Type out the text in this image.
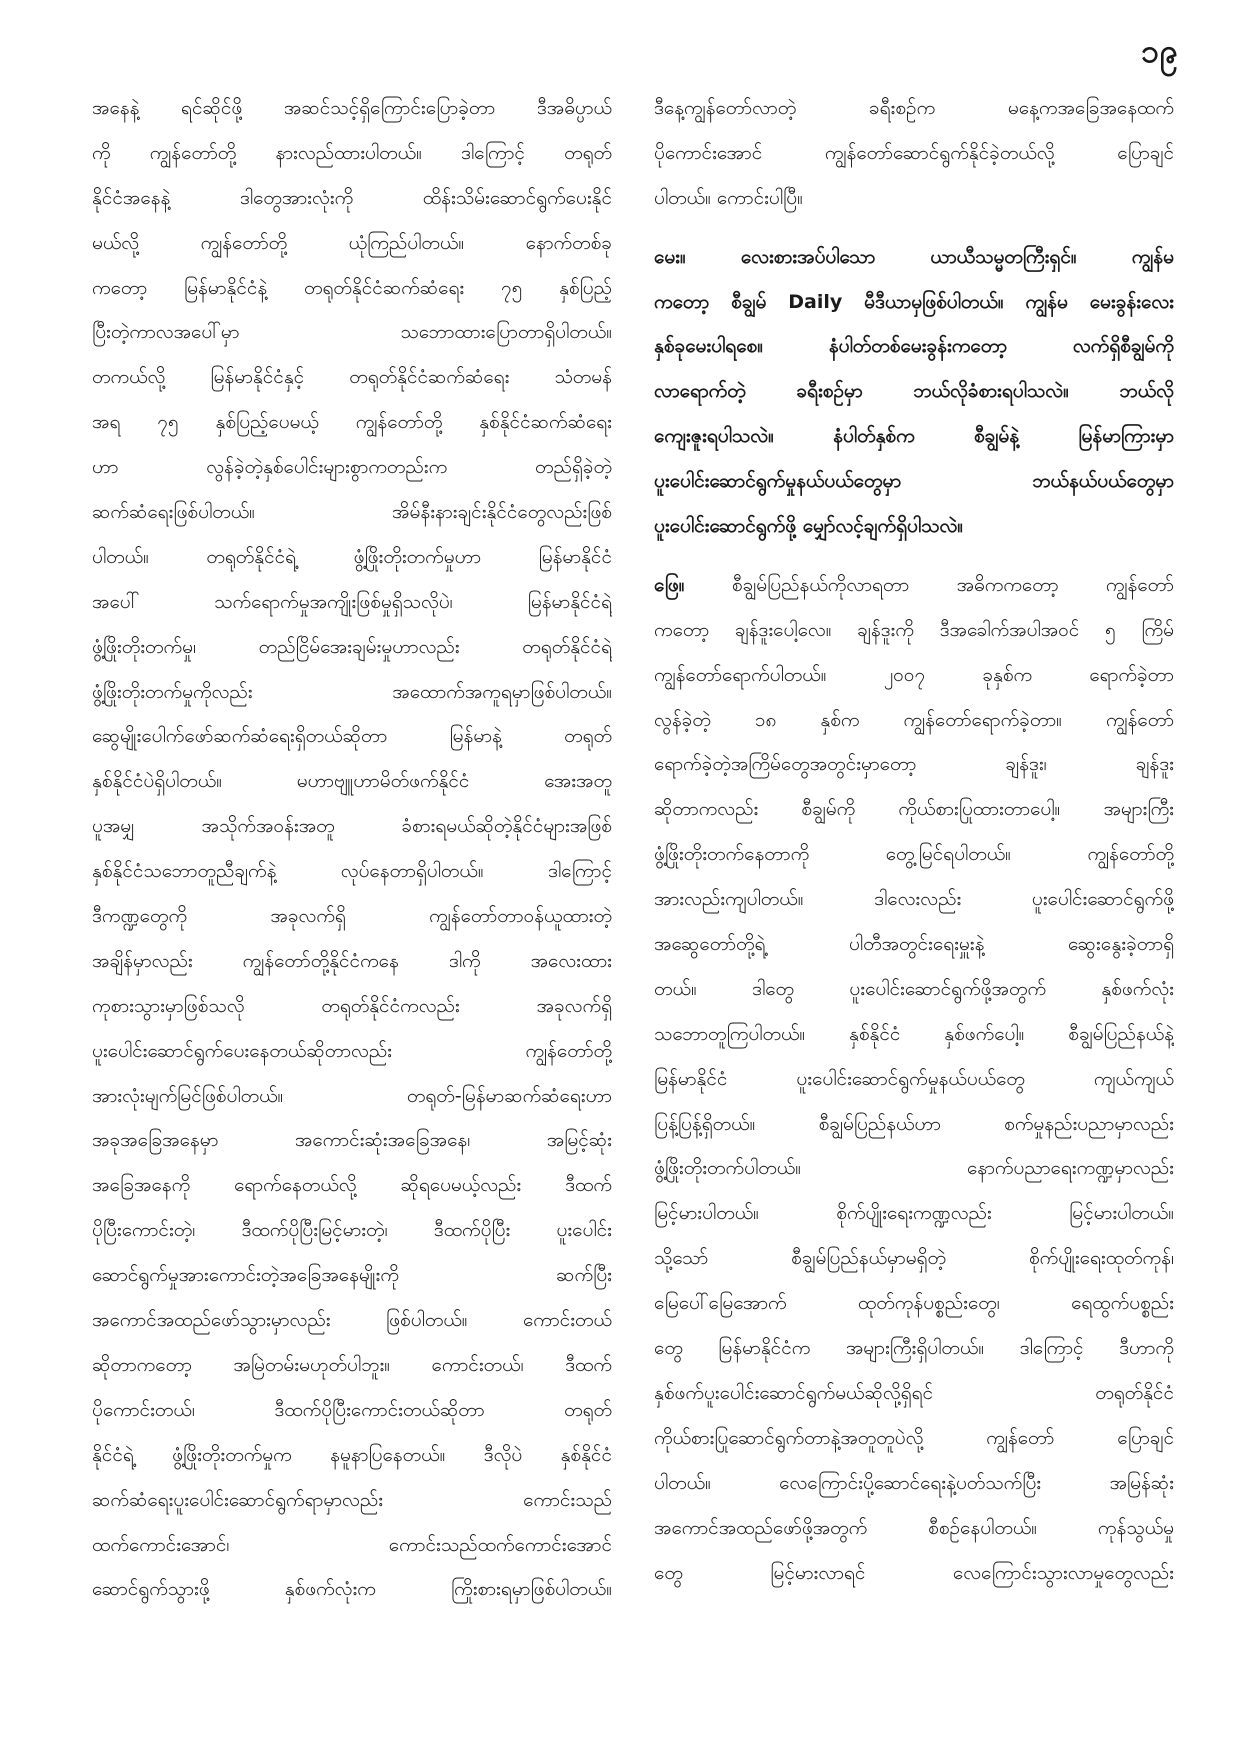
၁၉
အနေနဲ့ ရင်ဆိုင်ဖို့ အဆင်သင့်ရှိကြောင်းပြောခဲ့တာ ဒီအဓိပ္ပာယ်
ကို ကျွန်တော်တို့ နားလည်ထားပါတယ်။ ဒါကြောင့် တရုတ်
နိုင်ငံအနေနဲ့ ဒါတွေအားလုံးကို ထိန်းသိမ်းဆောင်ရွက်ပေးနိုင်
မယ်လို့ ကျွန်တော်တို့ ယုံကြည်ပါတယ်။ နောက်တစ်ခု
ကတော့ မြန်မာနိုင်ငံနဲ့ တရုတ်နိုင်ငံဆက်ဆံရေး ၇၅ နှစ်ပြည့်
ပြီးတဲ့ကာလအပေါ်မှာ သဘောထားပြောတာရှိပါတယ်။
တကယ်လို့ မြန်မာနိုင်ငံနှင့် တရုတ်နိုင်ငံဆက်ဆံရေး သံတမန်
အရ ၇၅ နှစ်ပြည့်ပေမယ့် ကျွန်တော်တို့ နှစ်နိုင်ငံဆက်ဆံရေး
ဟာ လွန်ခဲ့တဲ့နှစ်ပေါင်းများစွာကတည်းက တည်ရှိခဲ့တဲ့
ဆက်ဆံရေးဖြစ်ပါတယ်။ အိမ်နီးနားချင်းနိုင်ငံတွေလည်းဖြစ်
ပါတယ်။ တရုတ်နိုင်ငံရဲ့ ဖွံ့ဖြိုးတိုးတက်မှုဟာ မြန်မာနိုင်ငံ
အပေါ် သက်ရောက်မှုအကျိုးဖြစ်မှုရှိသလိုပဲ၊ မြန်မာနိုင်ငံရဲ့
ဖွံ့ဖြိုးတိုးတက်မှု၊ တည်ငြိမ်အေးချမ်းမှုဟာလည်း တရုတ်နိုင်ငံရဲ့
ဖွံ့ဖြိုးတိုးတက်မှုကိုလည်း အထောက်အကူရမှာဖြစ်ပါတယ်။
ဆွေမျိုးပေါက်ဖော်ဆက်ဆံရေးရှိတယ်ဆိုတာ မြန်မာနဲ့ တရုတ်
နှစ်နိုင်ငံပဲရှိပါတယ်။ မဟာဗျူဟာမိတ်ဖက်နိုင်ငံ အေးအတူ
ပူအမျှ အသိုက်အဝန်းအတူ ခံစားရမယ်ဆိုတဲ့နိုင်ငံများအဖြစ်
နှစ်နိုင်ငံသဘောတူညီချက်နဲ့ လုပ်နေတာရှိပါတယ်။ ဒါကြောင့်
ဒီကဏ္ဍတွေကို အခုလက်ရှိ ကျွန်တော်တာဝန်ယူထားတဲ့
အချိန်မှာလည်း ကျွန်တော်တို့နိုင်ငံကနေ ဒါကို အလေးထား
ကုစားသွားမှာဖြစ်သလို တရုတ်နိုင်ငံကလည်း အခုလက်ရှိ
ပူးပေါင်းဆောင်ရွက်ပေးနေတယ်ဆိုတာလည်း ကျွန်တော်တို့
အားလုံးမျက်မြင်ဖြစ်ပါတယ်။ တရုတ်-မြန်မာဆက်ဆံရေးဟာ
အခုအခြေအနေမှာ အကောင်းဆုံးအခြေအနေ၊ အမြင့်ဆုံး
အခြေအနေကို ရောက်နေတယ်လို့ ဆိုရပေမယ့်လည်း ဒီထက်
ပိုပြီးကောင်းတဲ့၊ ဒီထက်ပိုပြီးမြင့်မားတဲ့၊ ဒီထက်ပိုပြီး ပူးပေါင်း
ဆောင်ရွက်မှုအားကောင်းတဲ့အခြေအနေမျိုးကို ဆက်ပြီး
အကောင်အထည်ဖော်သွားမှာလည်း ဖြစ်ပါတယ်။ ကောင်းတယ်
ဆိုတာကတော့ အမြဲတမ်းမဟုတ်ပါဘူး။ ကောင်းတယ်၊ ဒီထက်
ပိုကောင်းတယ်၊ ဒီထက်ပိုပြီးကောင်းတယ်ဆိုတာ တရုတ်
နိုင်ငံရဲ့ ဖွံ့ဖြိုးတိုးတက်မှုက နမူနာပြနေတယ်။ ဒီလိုပဲ နှစ်နိုင်ငံ
ဆက်ဆံရေးပူးပေါင်းဆောင်ရွက်ရာမှာလည်း ကောင်းသည်
ထက်ကောင်းအောင်၊ ကောင်းသည်ထက်ကောင်းအောင်
ဆောင်ရွက်သွားဖို့ နှစ်ဖက်လုံးက ကြိုးစားရမှာဖြစ်ပါတယ်။
ဒီနေ့ကျွန်တော်လာတဲ့ ခရီးစဉ်က မနေ့ကအခြေအနေထက်
ပိုကောင်းအောင် ကျွန်တော်ဆောင်ရွက်နိုင်ခဲ့တယ်လို့ ပြောချင်
ပါတယ်။ ကောင်းပါပြီ။
မေး။ လေးစားအပ်ပါသော ယာယီသမ္မတကြီးရှင်။ ကျွန်မ
ကတော့ စီချွမ် Daily မီဒီယာမှဖြစ်ပါတယ်။ ကျွန်မ မေးခွန်းလေး
နှစ်ခုမေးပါရစေ။ နံပါတ်တစ်မေးခွန်းကတော့ လက်ရှိစီချွမ်ကို
လာရောက်တဲ့ ခရီးစဉ်မှာ ဘယ်လိုခံစားရပါသလဲ။ ဘယ်လို
ကျေးဇူးရပါသလဲ။ နံပါတ်နှစ်က စီချွမ်နဲ့ မြန်မာကြားမှာ
ပူးပေါင်းဆောင်ရွက်မှုနယ်ပယ်တွေမှာ ဘယ်နယ်ပယ်တွေမှာ
ပူးပေါင်းဆောင်ရွက်ဖို့ မျှော်လင့်ချက်ရှိပါသလဲ။
ဖြေ။ စီချွမ်ပြည်နယ်ကိုလာရတာ အဓိကကတော့ ကျွန်တော်
ကတော့ ချန်ဒူးပေါ့လေ။ ချန်ဒူးကို ဒီအခေါက်အပါအဝင် ၅ ကြိမ်
ကျွန်တော်ရောက်ပါတယ်။ ၂၀၀၇ ခုနှစ်က ရောက်ခဲ့တာ
လွန်ခဲ့တဲ့ ၁၈ နှစ်က ကျွန်တော်ရောက်ခဲ့တာ။ ကျွန်တော်
ရောက်ခဲ့တဲ့အကြိမ်တွေအတွင်းမှာတော့ ချန်ဒူး၊ ချန်ဒူး
ဆိုတာကလည်း စီချွမ်ကို ကိုယ်စားပြုထားတာပေါ့။ အများကြီး
ဖွံ့ဖြိုးတိုးတက်နေတာကို တွေ့မြင်ရပါတယ်။ ကျွန်တော်တို့
အားလည်းကျပါတယ်။ ဒါလေးလည်း ပူးပေါင်းဆောင်ရွက်ဖို့
အဆွေတော်တို့ရဲ့ ပါတီအတွင်းရေးမှူးနဲ့ ဆွေးနွေးခဲ့တာရှိ
တယ်။ ဒါတွေ ပူးပေါင်းဆောင်ရွက်ဖို့အတွက် နှစ်ဖက်လုံး
သဘောတူကြပါတယ်။ နှစ်နိုင်ငံ နှစ်ဖက်ပေါ့။ စီချွမ်ပြည်နယ်နဲ့
မြန်မာနိုင်ငံ ပူးပေါင်းဆောင်ရွက်မှုနယ်ပယ်တွေ ကျယ်ကျယ်
ပြန့်ပြန့်ရှိတယ်။ စီချွမ်ပြည်နယ်ဟာ စက်မှုနည်းပညာမှာလည်း
ဖွံ့ဖြိုးတိုးတက်ပါတယ်။ နောက်ပညာရေးကဏ္ဍမှာလည်း
မြင့်မားပါတယ်။ စိုက်ပျိုးရေးကဏ္ဍလည်း မြင့်မားပါတယ်။
သို့သော် စီချွမ်ပြည်နယ်မှာမရှိတဲ့ စိုက်ပျိုးရေးထုတ်ကုန်၊
မြေပေါ်မြေအောက် ထုတ်ကုန်ပစ္စည်းတွေ၊ ရေထွက်ပစ္စည်း
တွေ မြန်မာနိုင်ငံက အများကြီးရှိပါတယ်။ ဒါကြောင့် ဒီဟာကို
နှစ်ဖက်ပူးပေါင်းဆောင်ရွက်မယ်ဆိုလို့ရှိရင် တရုတ်နိုင်ငံ
ကိုယ်စားပြုဆောင်ရွက်တာနဲ့အတူတူပဲလို့ ကျွန်တော် ပြောချင်
ပါတယ်။ လေကြောင်းပို့ဆောင်ရေးနဲ့ပတ်သက်ပြီး အမြန်ဆုံး
အကောင်အထည်ဖော်ဖို့အတွက် စီစဉ်နေပါတယ်။ ကုန်သွယ်မှု
တွေ မြင့်မားလာရင် လေကြောင်းသွားလာမှုတွေလည်း
